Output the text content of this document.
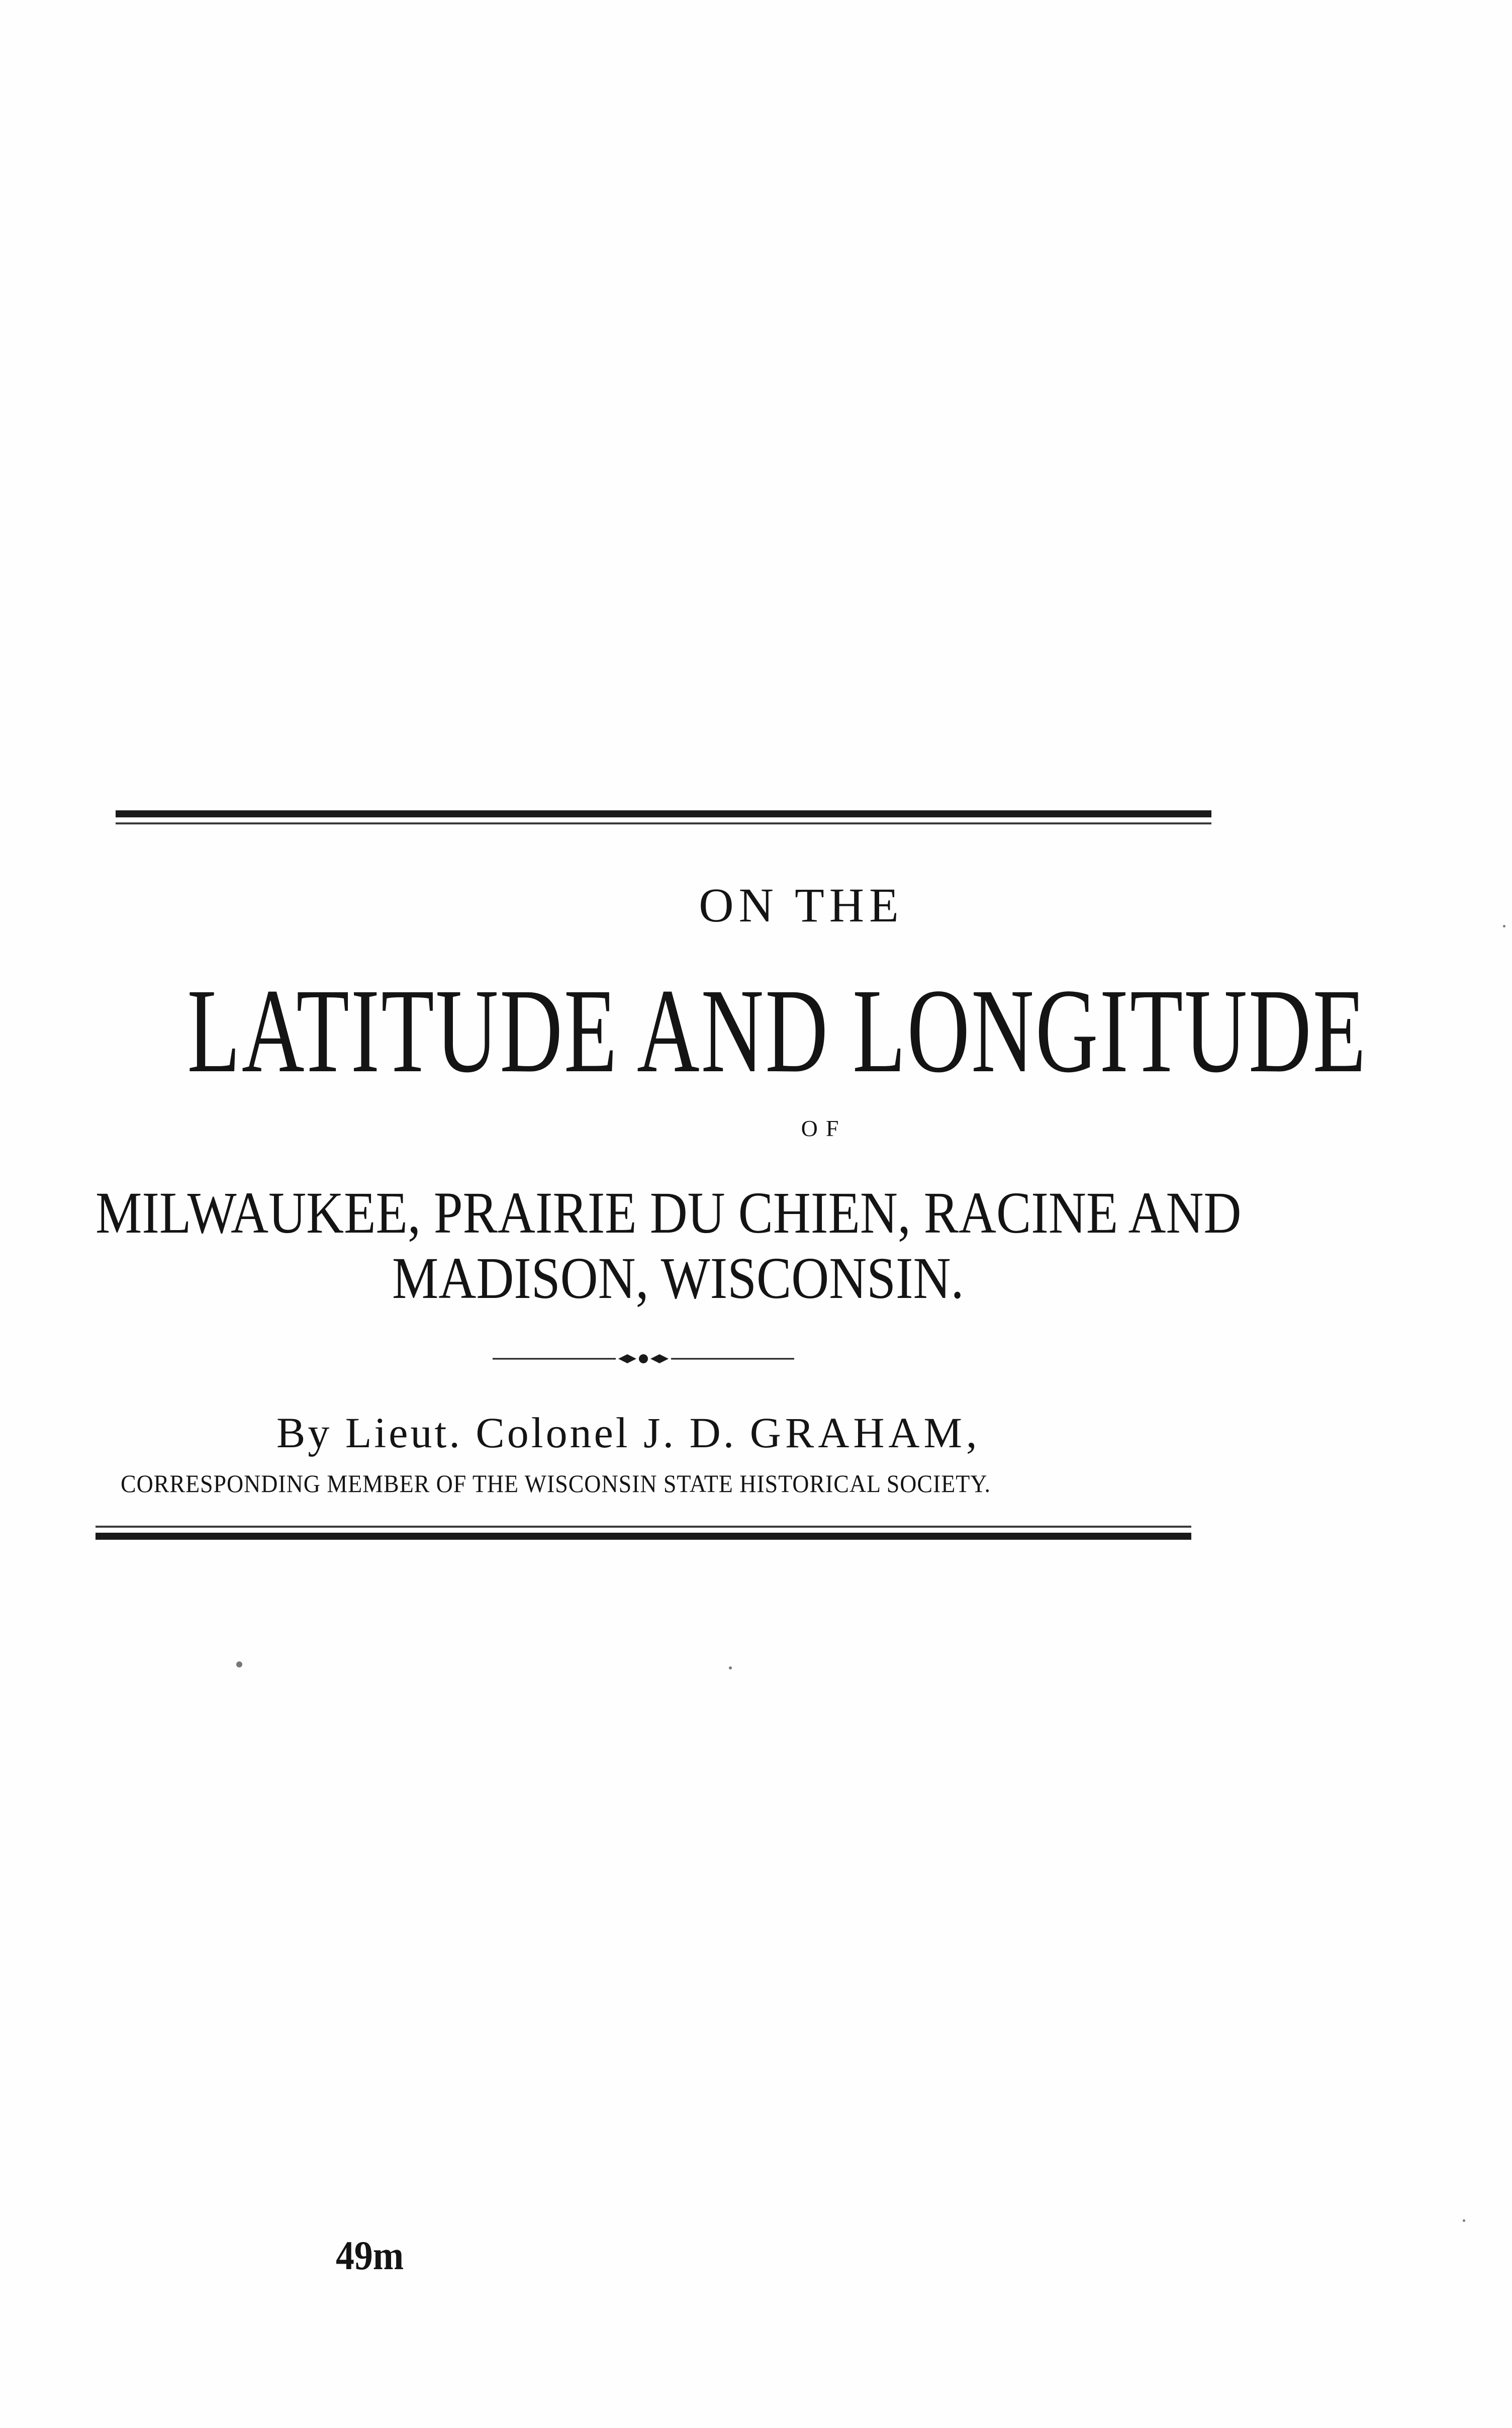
ON THE
LATITUDE AND LONGITUDE
OF
MILWAUKEE, PRAIRIE DU CHIEN, RACINE AND
MADISON, WISCONSIN.
By Lieut. Colonel J. D. GRAHAM,
CORRESPONDING MEMBER OF THE WISCONSIN STATE HISTORICAL SOCIETY.
49m
